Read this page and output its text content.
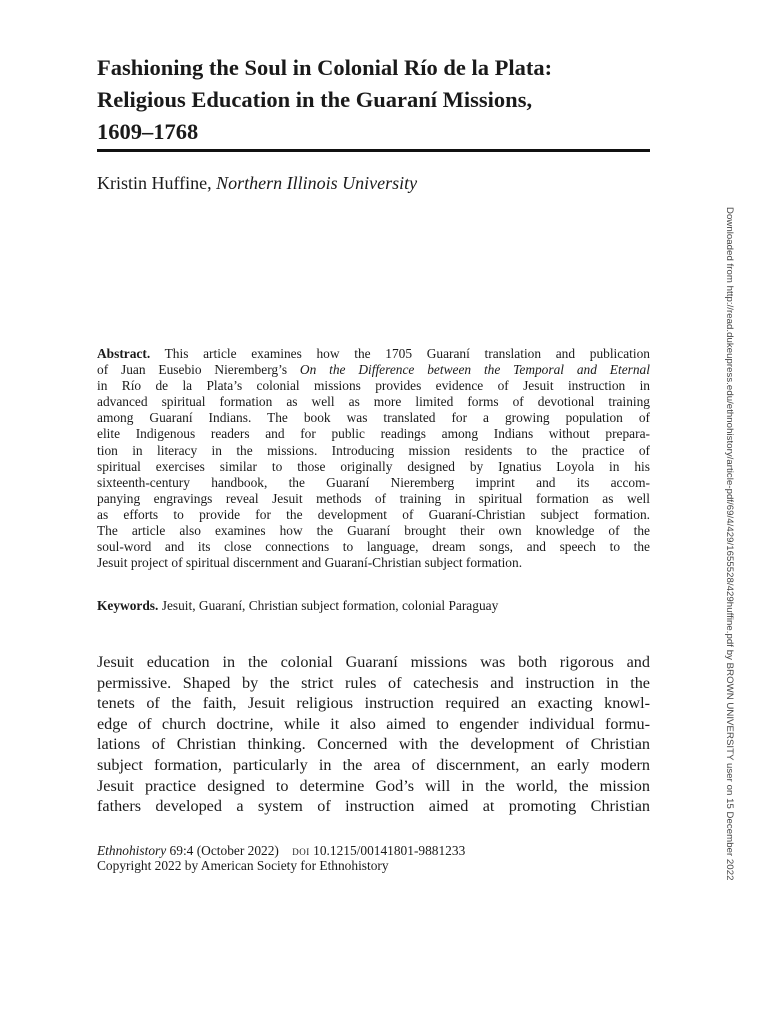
Fashioning the Soul in Colonial Río de la Plata:
Religious Education in the Guaraní Missions,
1609–1768
Kristin Huffine, Northern Illinois University
Abstract. This article examines how the 1705 Guaraní translation and publication
of Juan Eusebio Nieremberg’s On the Difference between the Temporal and Eternal
in Río de la Plata’s colonial missions provides evidence of Jesuit instruction in
advanced spiritual formation as well as more limited forms of devotional training
among Guaraní Indians. The book was translated for a growing population of
elite Indigenous readers and for public readings among Indians without prepara-
tion in literacy in the missions. Introducing mission residents to the practice of
spiritual exercises similar to those originally designed by Ignatius Loyola in his
sixteenth-century handbook, the Guaraní Nieremberg imprint and its accom-
panying engravings reveal Jesuit methods of training in spiritual formation as well
as efforts to provide for the development of Guaraní-Christian subject formation.
The article also examines how the Guaraní brought their own knowledge of the
soul-word and its close connections to language, dream songs, and speech to the
Jesuit project of spiritual discernment and Guaraní-Christian subject formation.
Keywords. Jesuit, Guaraní, Christian subject formation, colonial Paraguay
Jesuit education in the colonial Guaraní missions was both rigorous and
permissive. Shaped by the strict rules of catechesis and instruction in the
tenets of the faith, Jesuit religious instruction required an exacting knowl-
edge of church doctrine, while it also aimed to engender individual formu-
lations of Christian thinking. Concerned with the development of Christian
subject formation, particularly in the area of discernment, an early modern
Jesuit practice designed to determine God’s will in the world, the mission
fathers developed a system of instruction aimed at promoting Christian
Ethnohistory 69:4 (October 2022) doi 10.1215/00141801-9881233
Copyright 2022 by American Society for Ethnohistory	Downloaded from http://read.dukeupress.edu/ethnohistory/article-pdf/69/4/429/1655528/429huffine.pdf by BROWN UNIVERSITY user on 15 December 2022
